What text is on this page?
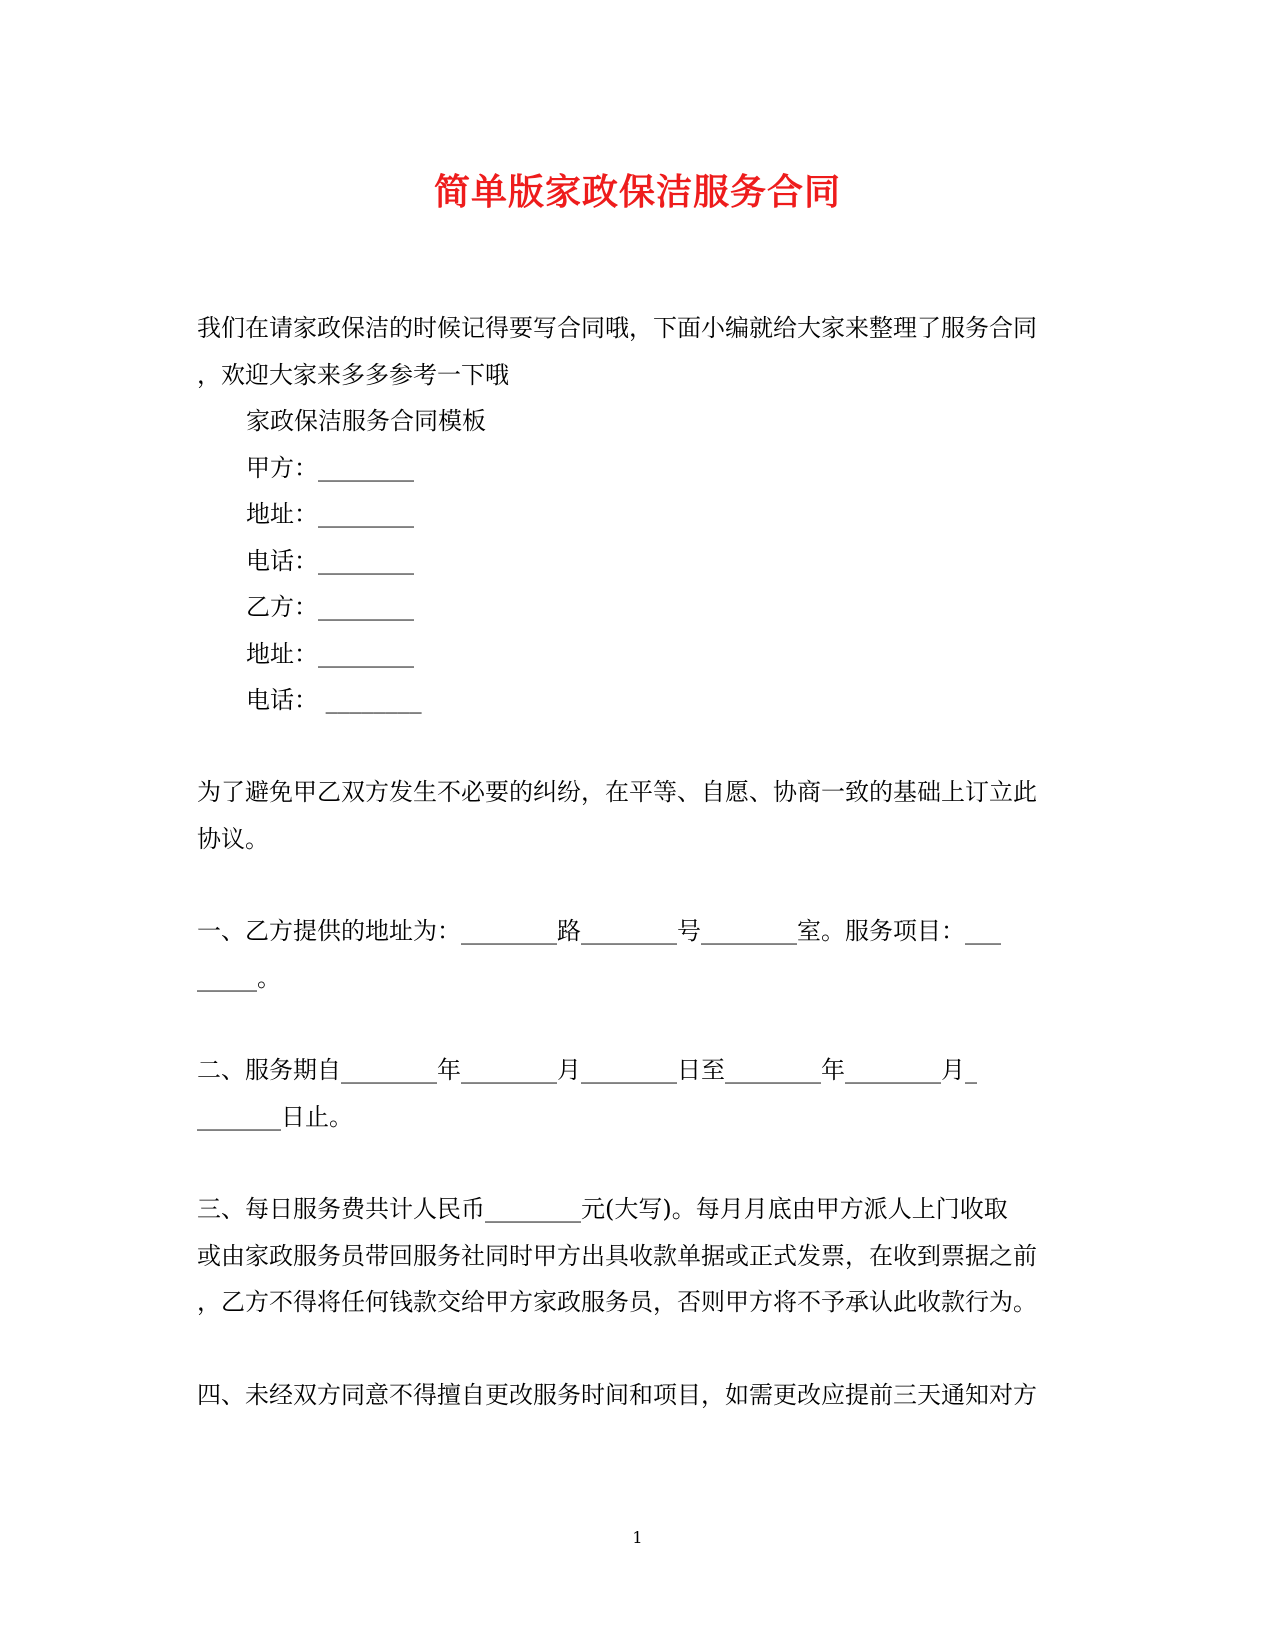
简单版家政保洁服务合同
我们在请家政保洁的时候记得要写合同哦，下面小编就给大家来整理了服务合同
，欢迎大家来多多参考一下哦
家政保洁服务合同模板
甲方：________
地址：________
电话：________
乙方：________
地址：________
电话： ________
为了避免甲乙双方发生不必要的纠纷，在平等、自愿、协商一致的基础上订立此
协议。
一、乙方提供的地址为：________路________号________室。服务项目：___
_____。
二、服务期自________年________月________日至________年________月_
_______日止。
三、每日服务费共计人民币________元(大写)。每月月底由甲方派人上门收取
或由家政服务员带回服务社同时甲方出具收款单据或正式发票，在收到票据之前
，乙方不得将任何钱款交给甲方家政服务员，否则甲方将不予承认此收款行为。
四、未经双方同意不得擅自更改服务时间和项目，如需更改应提前三天通知对方
1
